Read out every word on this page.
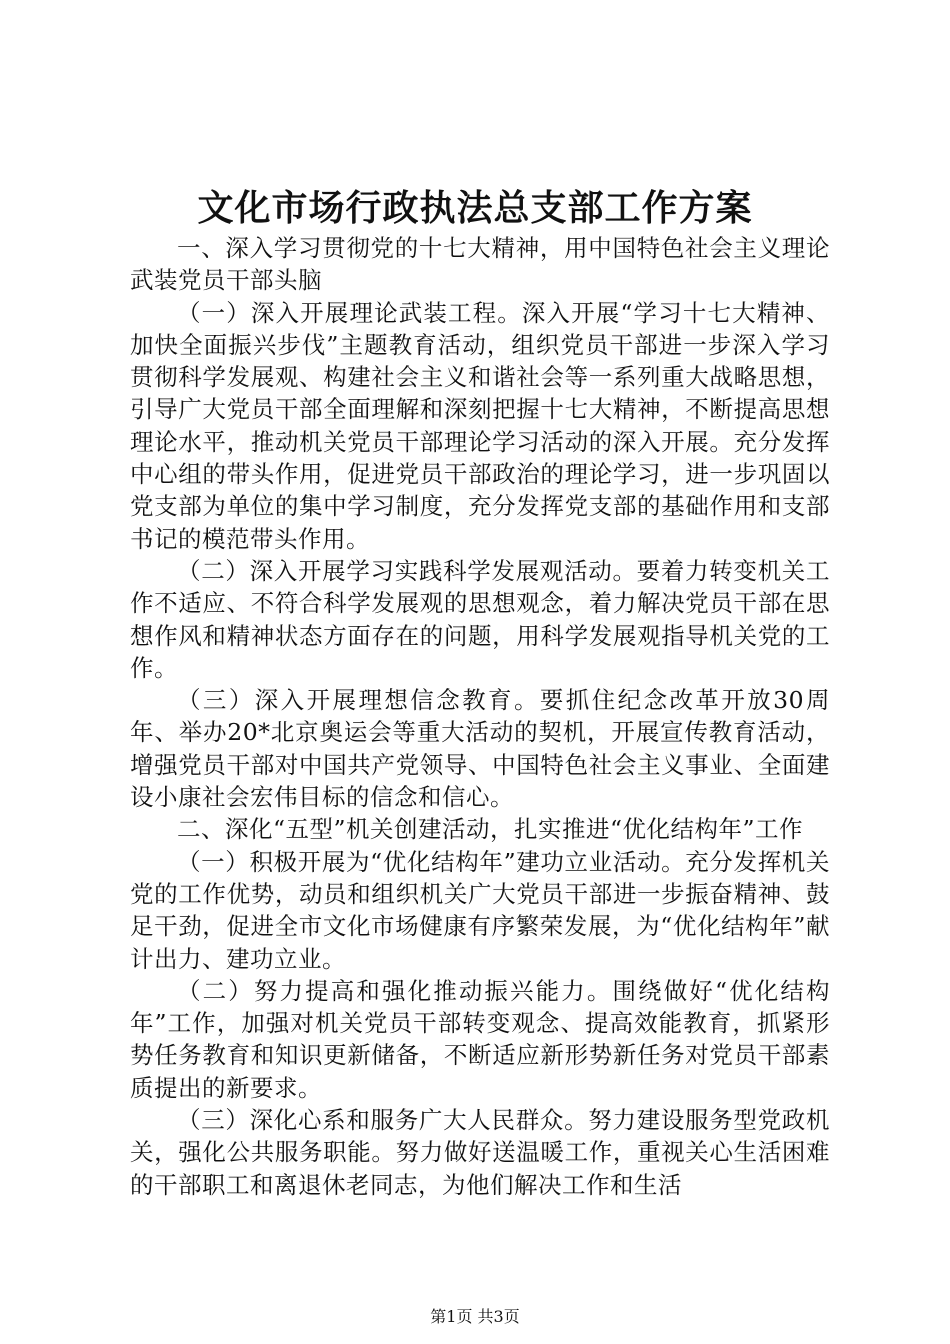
文化市场行政执法总支部工作方案

一、深入学习贯彻党的十七大精神，用中国特色社会主义理论武装党员干部头脑

（一）深入开展理论武装工程。深入开展“学习十七大精神、加快全面振兴步伐”主题教育活动，组织党员干部进一步深入学习贯彻科学发展观、构建社会主义和谐社会等一系列重大战略思想，引导广大党员干部全面理解和深刻把握十七大精神，不断提高思想理论水平，推动机关党员干部理论学习活动的深入开展。充分发挥中心组的带头作用，促进党员干部政治的理论学习，进一步巩固以党支部为单位的集中学习制度，充分发挥党支部的基础作用和支部书记的模范带头作用。

（二）深入开展学习实践科学发展观活动。要着力转变机关工作不适应、不符合科学发展观的思想观念，着力解决党员干部在思想作风和精神状态方面存在的问题，用科学发展观指导机关党的工作。

（三）深入开展理想信念教育。要抓住纪念改革开放30周年、举办20*北京奥运会等重大活动的契机，开展宣传教育活动，增强党员干部对中国共产党领导、中国特色社会主义事业、全面建设小康社会宏伟目标的信念和信心。

二、深化“五型”机关创建活动，扎实推进“优化结构年”工作

（一）积极开展为“优化结构年”建功立业活动。充分发挥机关党的工作优势，动员和组织机关广大党员干部进一步振奋精神、鼓足干劲，促进全市文化市场健康有序繁荣发展，为“优化结构年”献计出力、建功立业。

（二）努力提高和强化推动振兴能力。围绕做好“优化结构年”工作，加强对机关党员干部转变观念、提高效能教育，抓紧形势任务教育和知识更新储备，不断适应新形势新任务对党员干部素质提出的新要求。

（三）深化心系和服务广大人民群众。努力建设服务型党政机关，强化公共服务职能。努力做好送温暖工作，重视关心生活困难的干部职工和离退休老同志，为他们解决工作和生活

第1页 共3页
